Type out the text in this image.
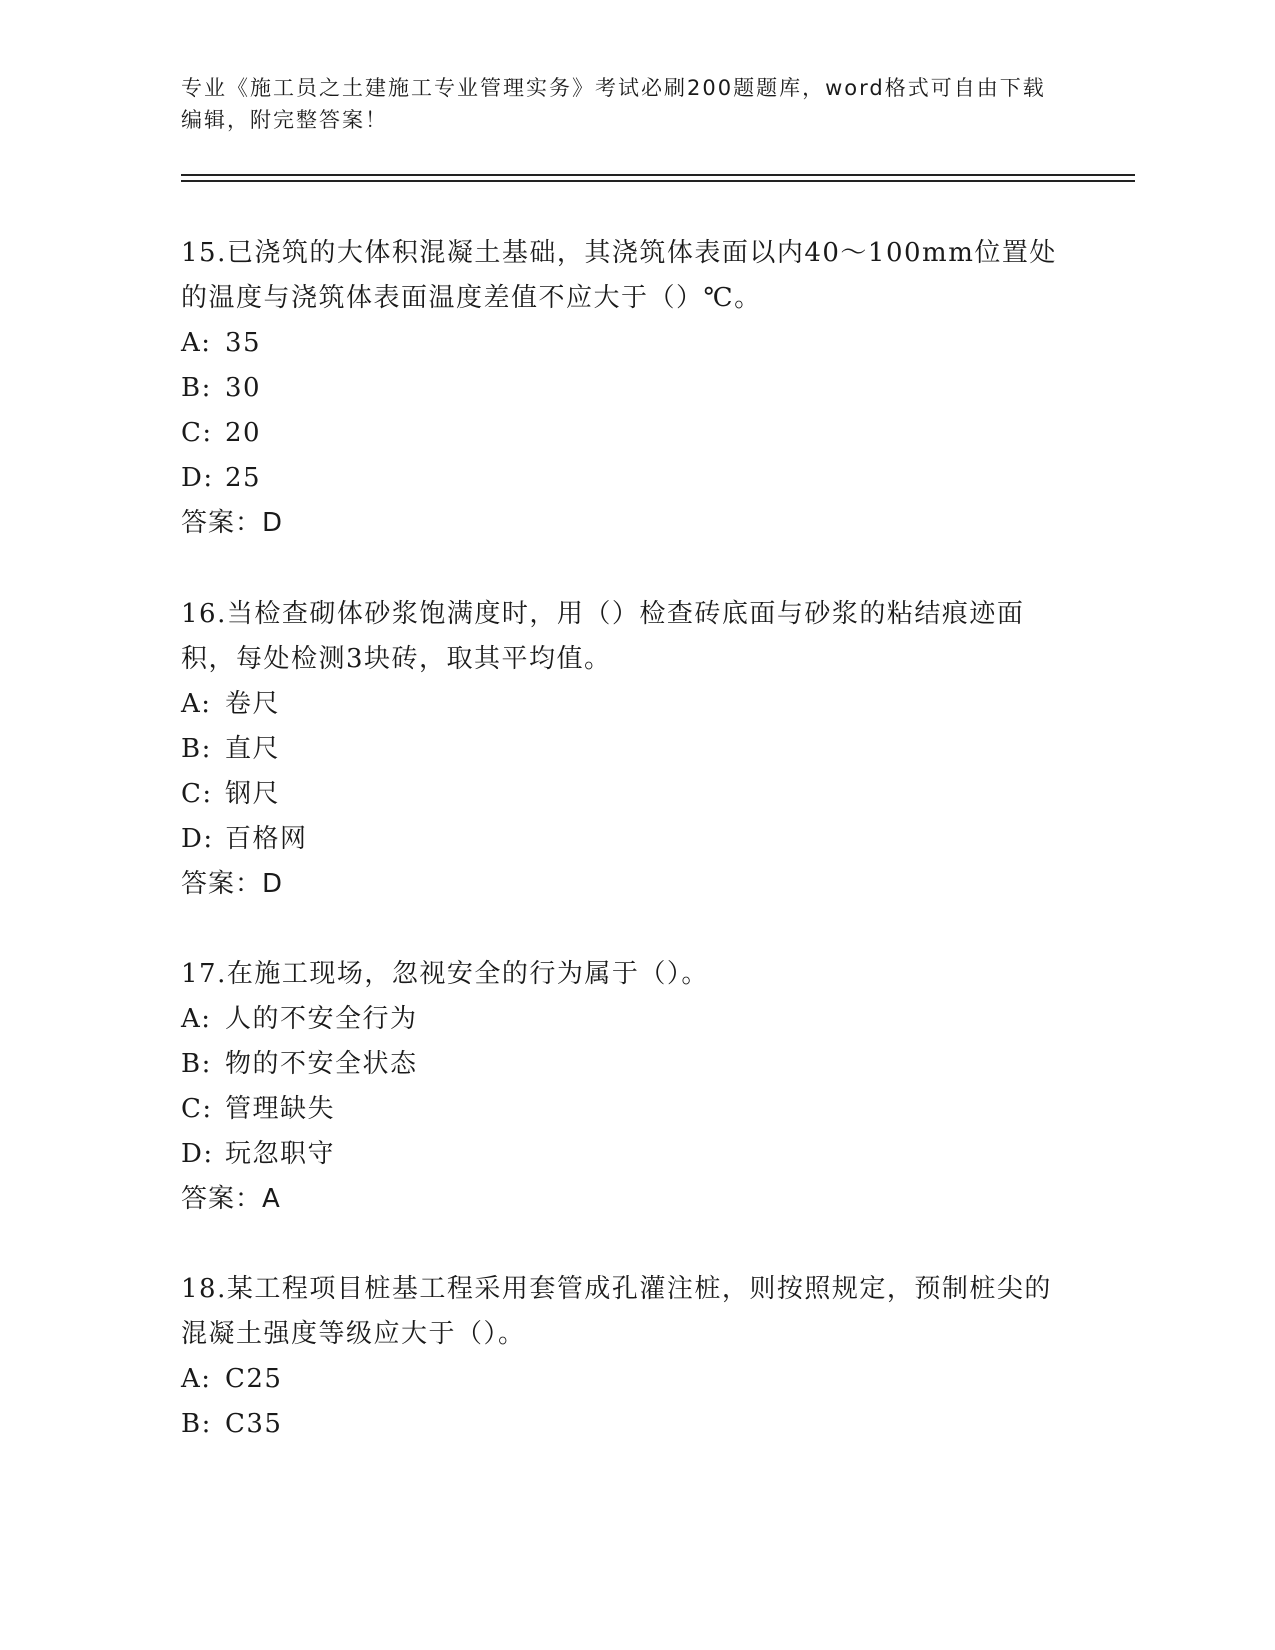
专业《施工员之土建施工专业管理实务》考试必刷200题题库，word格式可自由下载编辑，附完整答案！

15.已浇筑的大体积混凝土基础，其浇筑体表面以内40～100mm位置处的温度与浇筑体表面温度差值不应大于（）℃。

A: 35

B: 30

C: 20

D: 25

答案：D

16.当检查砌体砂浆饱满度时，用（）检查砖底面与砂浆的粘结痕迹面积，每处检测3块砖，取其平均值。

A: 卷尺

B: 直尺

C: 钢尺

D: 百格网

答案：D

17.在施工现场，忽视安全的行为属于（）。

A: 人的不安全行为

B: 物的不安全状态

C: 管理缺失

D: 玩忽职守

答案：A

18.某工程项目桩基工程采用套管成孔灌注桩，则按照规定，预制桩尖的混凝土强度等级应大于（）。

A: C25

B: C35
